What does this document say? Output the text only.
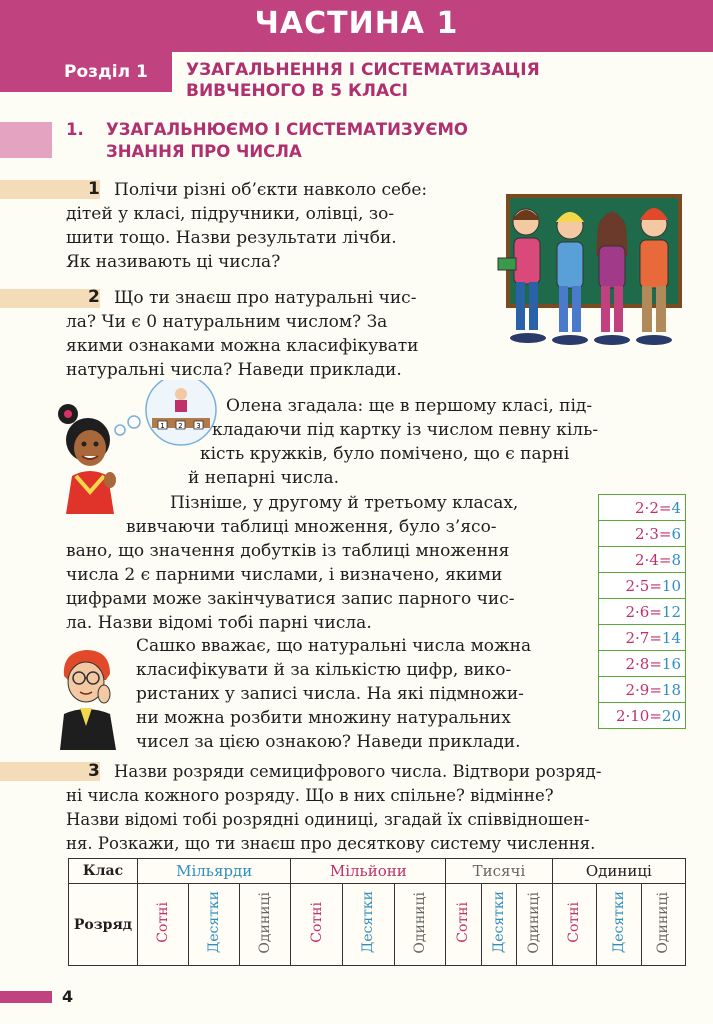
ЧАСТИНА 1
Розділ 1 УЗАГАЛЬНЕННЯ І СИСТЕМАТИЗАЦІЯ
ВИВЧЕНОГО В 5 КЛАСІ
1. УЗАГАЛЬНЮЄМО І СИСТЕМАТИЗУЄМО
ЗНАННЯ ПРО ЧИСЛА
1 Полічи різні об’єкти навколо себе:
дітей у класі, підручники, олівці, зо-
шити тощо. Назви результати лічби.
Як називають ці числа?
2 Що ти знаєш про натуральні чис-
ла? Чи є 0 натуральним числом? За
якими ознаками можна класифікувати
натуральні числа? Наведи приклади.
1 2 3
Олена згадала: ще в першому класі, під-
кладаючи під картку із числом певну кіль-
кість кружків, було помічено, що є парні
й непарні числа.
Пізніше, у другому й третьому класах,
вивчаючи таблиці множення, було з’ясо-
вано, що значення добутків із таблиці множення
числа 2 є парними числами, і визначено, якими
цифрами може закінчуватися запис парного чис-
ла. Назви відомі тобі парні числа.
2·2=4
2·3=6
2·4=8
2·5=10
2·6=12
2·7=14
2·8=16
2·9=18
2·10=20
Сашко вважає, що натуральні числа можна
класифікувати й за кількістю цифр, вико-
ристаних у записі числа. На які підмножи-
ни можна розбити множину натуральних
чисел за цією ознакою? Наведи приклади.
3 Назви розряди семицифрового числа. Відтвори розряд-
ні числа кожного розряду. Що в них спільне? відмінне?
Назви відомі тобі розрядні одиниці, згадай їх співвідношен-
ня. Розкажи, що ти знаєш про десяткову систему числення.
Клас	Мільярди			Мільйони			Тисячі			Одиниці		
Розряд	Сотні	Десятки	Одиниці	Сотні	Десятки	Одиниці	Сотні	Десятки	Одиниці	Сотні	Десятки	Одиниці
4
